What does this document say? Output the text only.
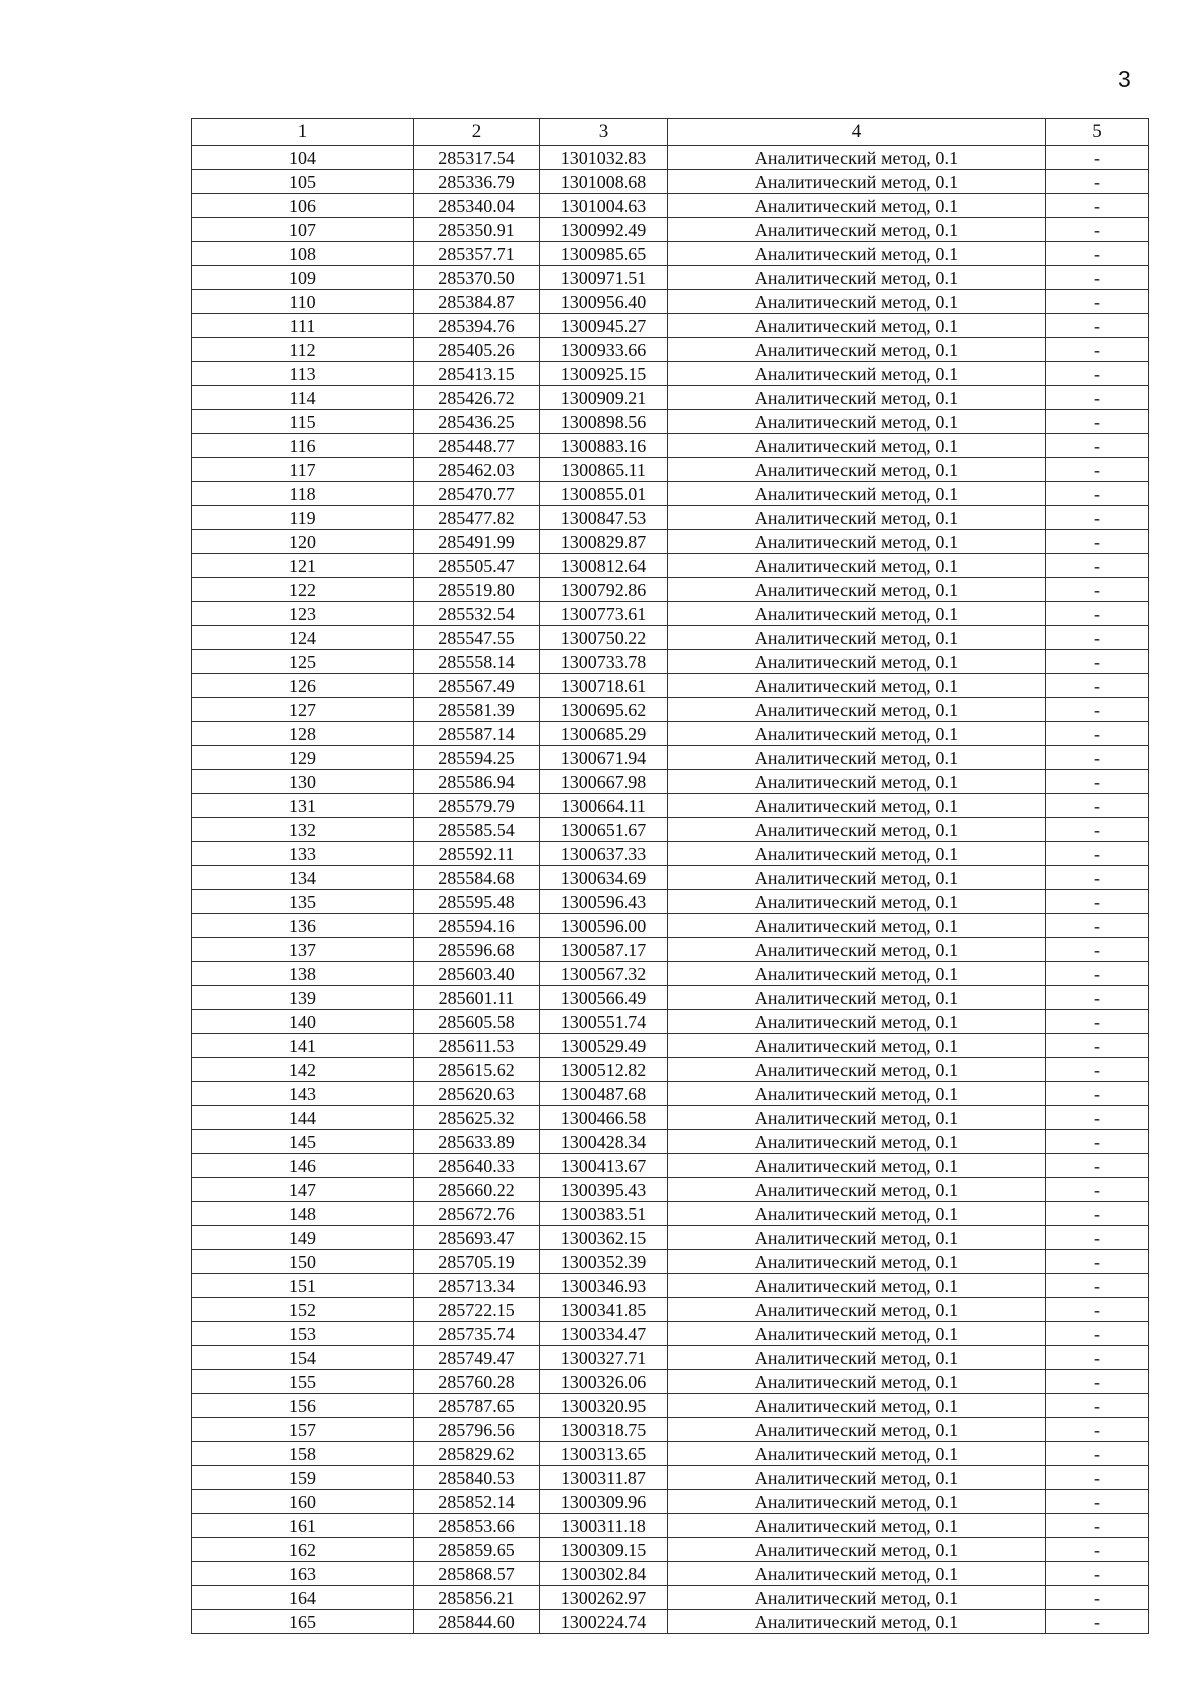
3
1	2	3	4	5
104	285317.54	1301032.83	Аналитический метод, 0.1	-
105	285336.79	1301008.68	Аналитический метод, 0.1	-
106	285340.04	1301004.63	Аналитический метод, 0.1	-
107	285350.91	1300992.49	Аналитический метод, 0.1	-
108	285357.71	1300985.65	Аналитический метод, 0.1	-
109	285370.50	1300971.51	Аналитический метод, 0.1	-
110	285384.87	1300956.40	Аналитический метод, 0.1	-
111	285394.76	1300945.27	Аналитический метод, 0.1	-
112	285405.26	1300933.66	Аналитический метод, 0.1	-
113	285413.15	1300925.15	Аналитический метод, 0.1	-
114	285426.72	1300909.21	Аналитический метод, 0.1	-
115	285436.25	1300898.56	Аналитический метод, 0.1	-
116	285448.77	1300883.16	Аналитический метод, 0.1	-
117	285462.03	1300865.11	Аналитический метод, 0.1	-
118	285470.77	1300855.01	Аналитический метод, 0.1	-
119	285477.82	1300847.53	Аналитический метод, 0.1	-
120	285491.99	1300829.87	Аналитический метод, 0.1	-
121	285505.47	1300812.64	Аналитический метод, 0.1	-
122	285519.80	1300792.86	Аналитический метод, 0.1	-
123	285532.54	1300773.61	Аналитический метод, 0.1	-
124	285547.55	1300750.22	Аналитический метод, 0.1	-
125	285558.14	1300733.78	Аналитический метод, 0.1	-
126	285567.49	1300718.61	Аналитический метод, 0.1	-
127	285581.39	1300695.62	Аналитический метод, 0.1	-
128	285587.14	1300685.29	Аналитический метод, 0.1	-
129	285594.25	1300671.94	Аналитический метод, 0.1	-
130	285586.94	1300667.98	Аналитический метод, 0.1	-
131	285579.79	1300664.11	Аналитический метод, 0.1	-
132	285585.54	1300651.67	Аналитический метод, 0.1	-
133	285592.11	1300637.33	Аналитический метод, 0.1	-
134	285584.68	1300634.69	Аналитический метод, 0.1	-
135	285595.48	1300596.43	Аналитический метод, 0.1	-
136	285594.16	1300596.00	Аналитический метод, 0.1	-
137	285596.68	1300587.17	Аналитический метод, 0.1	-
138	285603.40	1300567.32	Аналитический метод, 0.1	-
139	285601.11	1300566.49	Аналитический метод, 0.1	-
140	285605.58	1300551.74	Аналитический метод, 0.1	-
141	285611.53	1300529.49	Аналитический метод, 0.1	-
142	285615.62	1300512.82	Аналитический метод, 0.1	-
143	285620.63	1300487.68	Аналитический метод, 0.1	-
144	285625.32	1300466.58	Аналитический метод, 0.1	-
145	285633.89	1300428.34	Аналитический метод, 0.1	-
146	285640.33	1300413.67	Аналитический метод, 0.1	-
147	285660.22	1300395.43	Аналитический метод, 0.1	-
148	285672.76	1300383.51	Аналитический метод, 0.1	-
149	285693.47	1300362.15	Аналитический метод, 0.1	-
150	285705.19	1300352.39	Аналитический метод, 0.1	-
151	285713.34	1300346.93	Аналитический метод, 0.1	-
152	285722.15	1300341.85	Аналитический метод, 0.1	-
153	285735.74	1300334.47	Аналитический метод, 0.1	-
154	285749.47	1300327.71	Аналитический метод, 0.1	-
155	285760.28	1300326.06	Аналитический метод, 0.1	-
156	285787.65	1300320.95	Аналитический метод, 0.1	-
157	285796.56	1300318.75	Аналитический метод, 0.1	-
158	285829.62	1300313.65	Аналитический метод, 0.1	-
159	285840.53	1300311.87	Аналитический метод, 0.1	-
160	285852.14	1300309.96	Аналитический метод, 0.1	-
161	285853.66	1300311.18	Аналитический метод, 0.1	-
162	285859.65	1300309.15	Аналитический метод, 0.1	-
163	285868.57	1300302.84	Аналитический метод, 0.1	-
164	285856.21	1300262.97	Аналитический метод, 0.1	-
165	285844.60	1300224.74	Аналитический метод, 0.1	-
